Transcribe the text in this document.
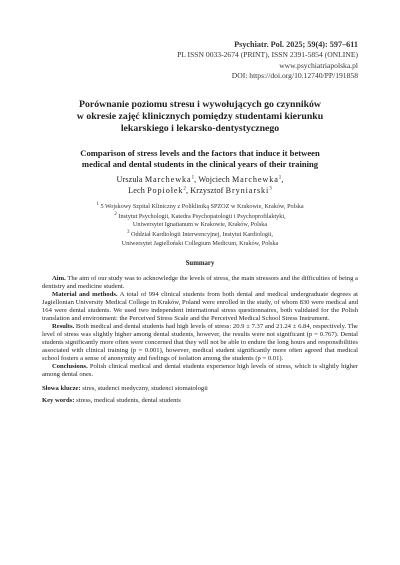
Psychiatr. Pol. 2025; 59(4): 597–611
PL ISSN 0033-2674 (PRINT), ISSN 2391-5854 (ONLINE)
www.psychiatriapolska.pl
DOI: https://doi.org/10.12740/PP/191858
Porównanie poziomu stresu i wywołujących go czynników
w okresie zajęć klinicznych pomiędzy studentami kierunku
lekarskiego i lekarsko-dentystycznego
Comparison of stress levels and the factors that induce it between
medical and dental students in the clinical years of their training
Urszula Marchewka$^1$, Wojciech Marchewka$^1$,
Lech Popiołek$^2$, Krzysztof Bryniarski$^3$
$^1$ 5 Wojskowy Szpital Kliniczny z Polikliniką SPZOZ w Krakowie, Kraków, Polska
$^2$ Instytut Psychologii, Katedra Psychopatologii i Psychoprofilaktyki,
Uniwersytet Ignatianum w Krakowie, Kraków, Polska
$^3$ Oddział Kardiologii Interwencyjnej, Instytut Kardiologii,
Uniwersytet Jagielloński Collegium Medicum, Kraków, Polska
Summary

Aim. The aim of our study was to acknowledge the levels of stress, the main stressors and the difficulties of being a dentistry and medicine student.

Material and methods. A total of 994 clinical students from both dental and medical undergraduate degrees at Jagiellonian University Medical College in Kraków, Poland were enrolled in the study, of whom 830 were medical and 164 were dental students. We used two independent international stress questionnaires, both validated for the Polish translation and environment: the Perceived Stress Scale and the Perceived Medical School Stress Instrument.

Results. Both medical and dental students had high levels of stress: 20.9 ± 7.37 and 21.24 ± 6.84, respectively. The level of stress was slightly higher among dental students, however, the results were not significant (p = 0.767). Dental students significantly more often were concerned that they will not be able to endure the long hours and responsibilities associated with clinical training (p = 0.001), however, medical student significantly more often agreed that medical school fosters a sense of anonymity and feelings of isolation among the students (p = 0.01).

Conclusions. Polish clinical medical and dental students experience high levels of stress, which is slightly higher among dental ones.

Słowa klucze: stres, studenci medyczny, studenci stomatologii

Key words: stress, medical students, dental students
